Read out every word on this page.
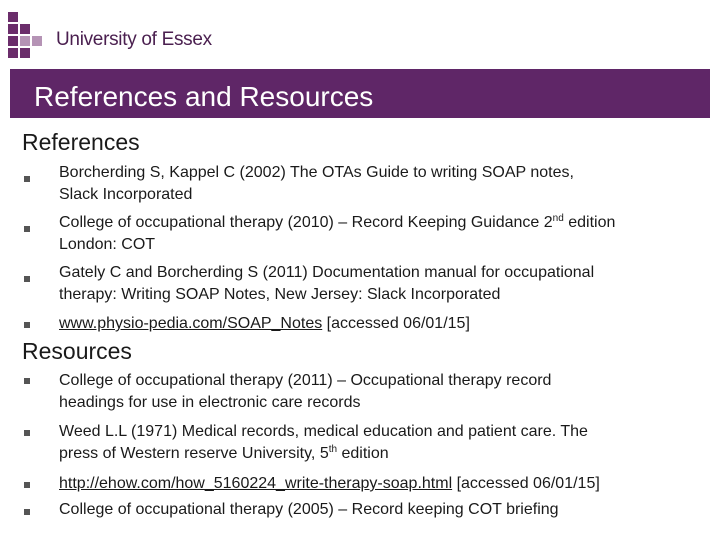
University of Essex
References and Resources
References
Borcherding S, Kappel C (2002) The OTAs Guide to writing SOAP notes,
Slack Incorporated
College of occupational therapy (2010) – Record Keeping Guidance 2nd edition
London: COT
Gately C and Borcherding S (2011) Documentation manual for occupational
therapy: Writing SOAP Notes, New Jersey: Slack Incorporated
www.physio-pedia.com/SOAP_Notes [accessed 06/01/15]
Resources
College of occupational therapy (2011) – Occupational therapy record
headings for use in electronic care records
Weed L.L (1971) Medical records, medical education and patient care. The
press of Western reserve University, 5th edition
http://ehow.com/how_5160224_write-therapy-soap.html [accessed 06/01/15]
College of occupational therapy (2005) – Record keeping COT briefing
